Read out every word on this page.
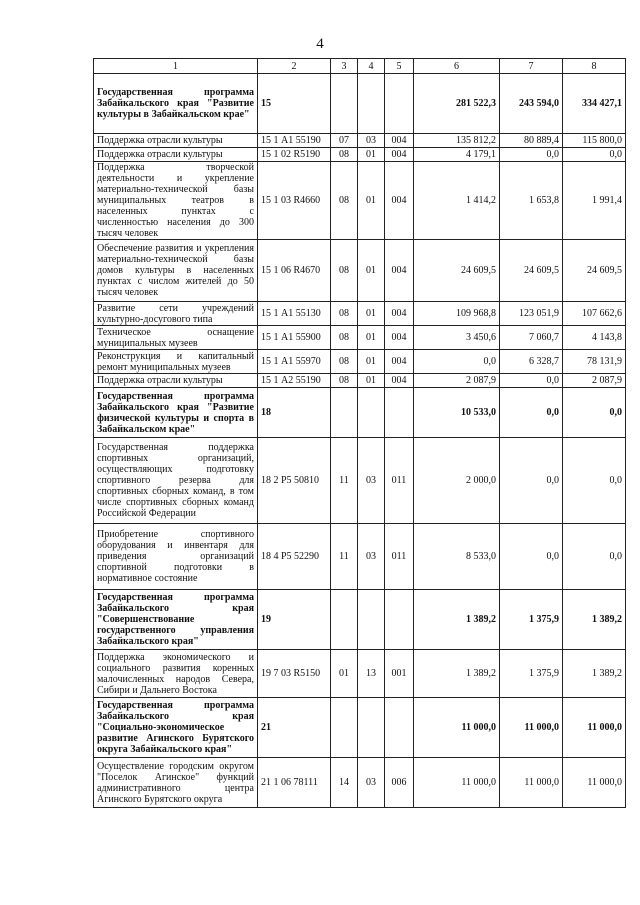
4
1	2	3	4	5	6	7	8
Государственная программа Забайкальского края "Развитие культуры в Забайкальском крае"	15				281 522,3	243 594,0	334 427,1
Поддержка отрасли культуры	15 1 А1 55190	07	03	004	135 812,2	80 889,4	115 800,0
Поддержка отрасли культуры	15 1 02 R5190	08	01	004	4 179,1	0,0	0,0
Поддержка творческой деятельности и укрепление материально-технической базы муниципальных театров в населенных пунктах с численностью населения до 300 тысяч человек	15 1 03 R4660	08	01	004	1 414,2	1 653,8	1 991,4
Обеспечение развития и укрепления материально-технической базы домов культуры в населенных пунктах с числом жителей до 50 тысяч человек	15 1 06 R4670	08	01	004	24 609,5	24 609,5	24 609,5
Развитие сети учреждений культурно-досугового типа	15 1 А1 55130	08	01	004	109 968,8	123 051,9	107 662,6
Техническое оснащение муниципальных музеев	15 1 А1 55900	08	01	004	3 450,6	7 060,7	4 143,8
Реконструкция и капитальный ремонт муниципальных музеев	15 1 А1 55970	08	01	004	0,0	6 328,7	78 131,9
Поддержка отрасли культуры	15 1 А2 55190	08	01	004	2 087,9	0,0	2 087,9
Государственная программа Забайкальского края "Развитие физической культуры и спорта в Забайкальском крае"	18				10 533,0	0,0	0,0
Государственная поддержка спортивных организаций, осуществляющих подготовку спортивного резерва для спортивных сборных команд, в том числе спортивных сборных команд Российской Федерации	18 2 Р5 50810	11	03	011	2 000,0	0,0	0,0
Приобретение спортивного оборудования и инвентаря для приведения организаций спортивной подготовки в нормативное состояние	18 4 Р5 52290	11	03	011	8 533,0	0,0	0,0
Государственная программа Забайкальского края "Совершенствование государственного управления Забайкальского края"	19				1 389,2	1 375,9	1 389,2
Поддержка экономического и социального развития коренных малочисленных народов Севера, Сибири и Дальнего Востока	19 7 03 R5150	01	13	001	1 389,2	1 375,9	1 389,2
Государственная программа Забайкальского края "Социально-экономическое развитие Агинского Бурятского округа Забайкальского края"	21				11 000,0	11 000,0	11 000,0
Осуществление городским округом "Поселок Агинское" функций административного центра Агинского Бурятского округа	21 1 06 78111	14	03	006	11 000,0	11 000,0	11 000,0
